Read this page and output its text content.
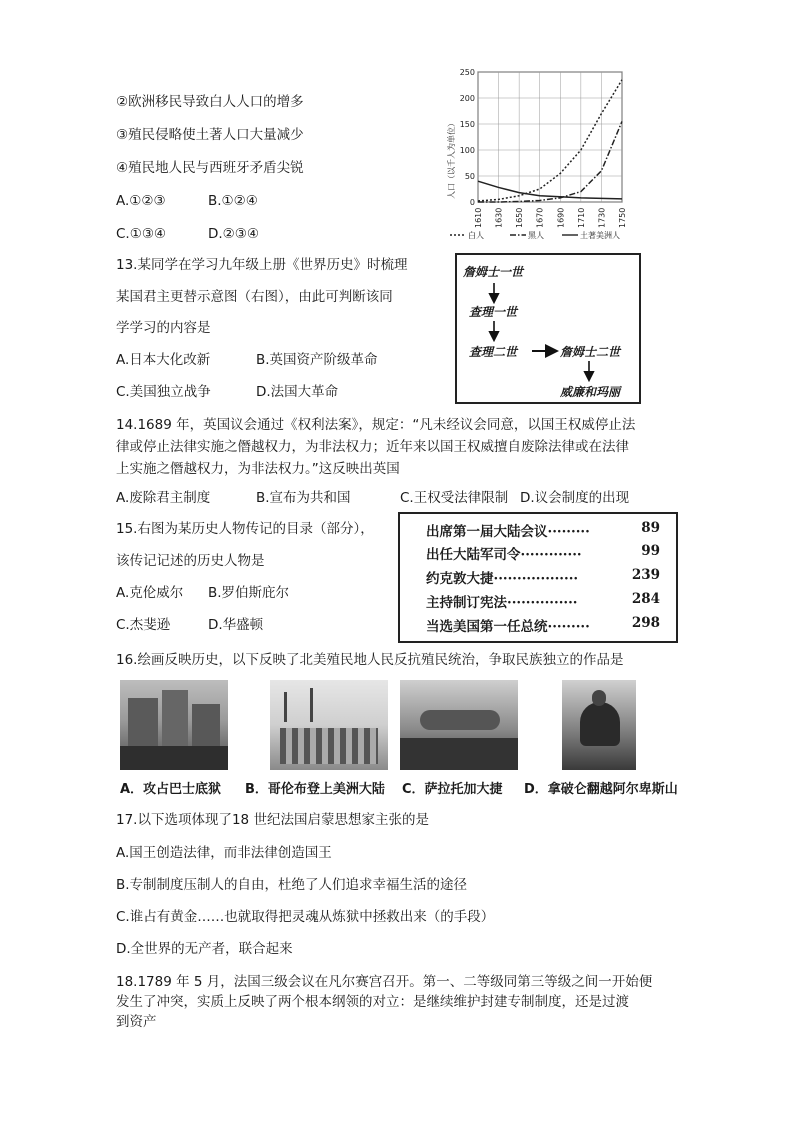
②欧洲移民导致白人人口的增多
③殖民侵略使土著人口大量减少
④殖民地人民与西班牙矛盾尖锐
A.①②③	B.①②④
C.①③④	D.②③④
人口（以千人为单位）
1610 1630 1650 1670 1690 1710 1730 1750
0
50
100
150
200
250
白人	黑人	土著美洲人
13.某同学在学习九年级上册《世界历史》时梳理
某国君主更替示意图（右图），由此可判断该同
学学习的内容是
A.日本大化改新	B.英国资产阶级革命
C.美国独立战争	D.法国大革命
詹姆士一世
查理一世
查理二世	詹姆士二世
威廉和玛丽
14.1689 年，英国议会通过《权利法案》，规定：“凡未经议会同意，以国王权威停止法
律或停止法律实施之僭越权力，为非法权力；近年来以国王权威擅自废除法律或在法律
上实施之僭越权力，为非法权力。”这反映出英国
A.废除君主制度	B.宣布为共和国	C.王权受法律限制 D.议会制度的出现
15.右图为某历史人物传记的目录（部分），
该传记记述的历史人物是
A.克伦威尔 B.罗伯斯庇尔
C.杰斐逊	D.华盛顿
出席第一届大陆会议·········	89
出任大陆军司令·············	99
约克敦大捷··················	239
主持制订宪法···············	284
当选美国第一任总统·········	298
16.绘画反映历史，以下反映了北美殖民地人民反抗殖民统治，争取民族独立的作品是
A．攻占巴士底狱 B．哥伦布登上美洲大陆 C．萨拉托加大捷 D．拿破仑翻越阿尔卑斯山
17.以下选项体现了18 世纪法国启蒙思想家主张的是
A.国王创造法律，而非法律创造国王
B.专制制度压制人的自由，杜绝了人们追求幸福生活的途径
C.谁占有黄金……也就取得把灵魂从炼狱中拯救出来（的手段）
D.全世界的无产者，联合起来
18.1789 年 5 月，法国三级会议在凡尔赛宫召开。第一、二等级同第三等级之间一开始便
发生了冲突，实质上反映了两个根本纲领的对立：是继续维护封建专制制度，还是过渡
到资产
